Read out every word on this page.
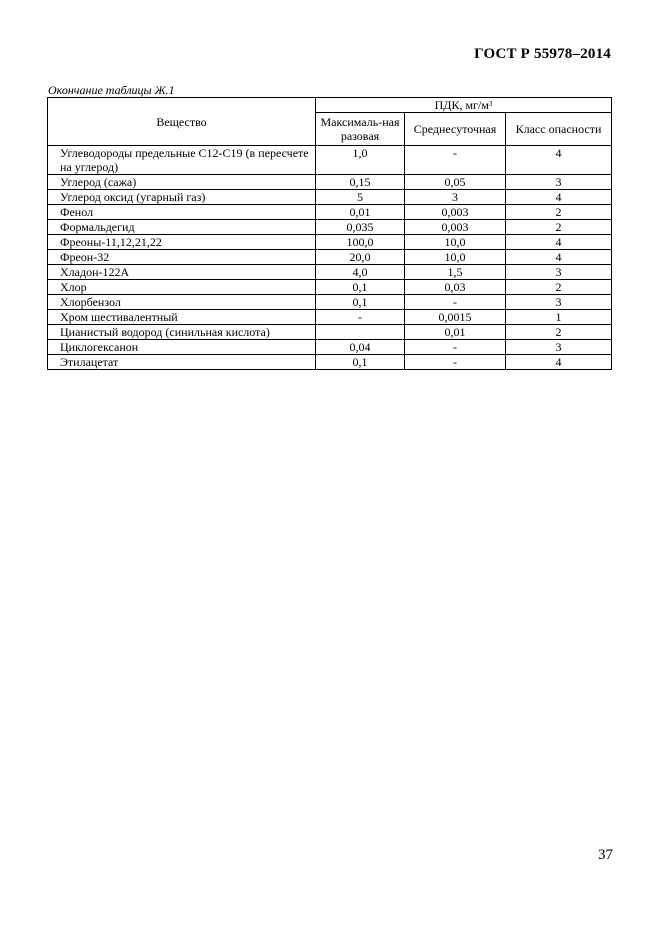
ГОСТ Р 55978–2014
Окончание таблицы Ж.1
Вещество	ПДК, $мг/м^3$
	Максималь-ная разовая	Среднесуточная	Класс опасности
Углеводороды предельные C12-C19 (в пересчете на углерод)	1,0	-	4
Углерод (сажа)	0,15	0,05	3
Углерод оксид (угарный газ)	5	3	4
Фенол	0,01	0,003	2
Формальдегид	0,035	0,003	2
Фреоны-11,12,21,22	100,0	10,0	4
Фреон-32	20,0	10,0	4
Хладон-122А	4,0	1,5	3
Хлор	0,1	0,03	2
Хлорбензол	0,1	-	3
Хром шестивалентный	-	0,0015	1
Цианистый водород (синильная кислота)		0,01	2
Циклогексанон	0,04	-	3
Этилацетат	0,1	-	4
37
